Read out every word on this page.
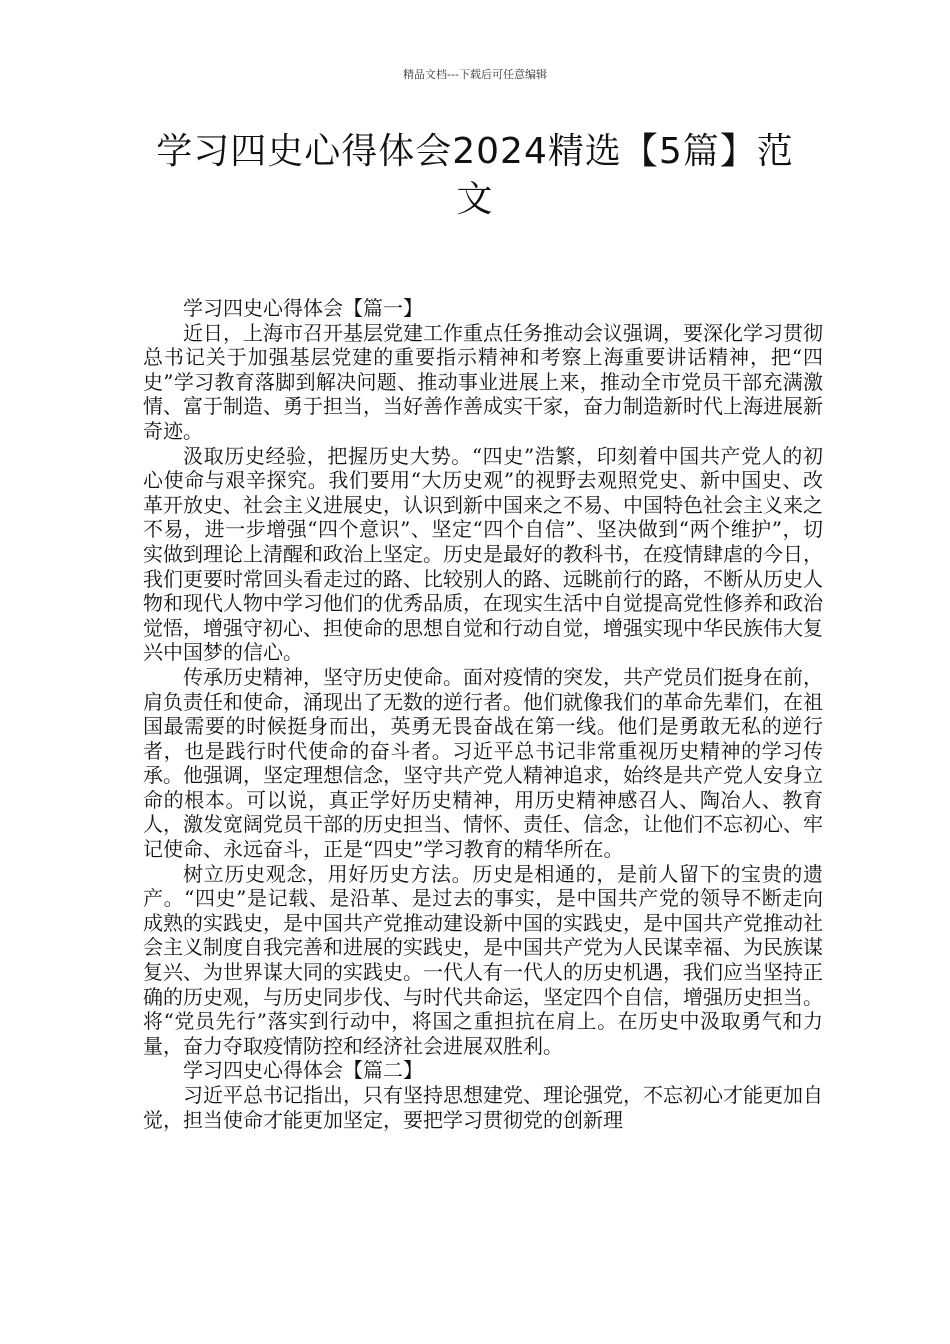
精品文档---下载后可任意编辑
学习四史心得体会2024精选【5篇】范文

学习四史心得体会【篇一】

近日，上海市召开基层党建工作重点任务推动会议强调，要深化学习贯彻总书记关于加强基层党建的重要指示精神和考察上海重要讲话精神，把“四史”学习教育落脚到解决问题、推动事业进展上来，推动全市党员干部充满激情、富于制造、勇于担当，当好善作善成实干家，奋力制造新时代上海进展新奇迹。

汲取历史经验，把握历史大势。“四史”浩繁，印刻着中国共产党人的初心使命与艰辛探究。我们要用“大历史观”的视野去观照党史、新中国史、改革开放史、社会主义进展史，认识到新中国来之不易、中国特色社会主义来之不易，进一步增强“四个意识”、坚定“四个自信”、坚决做到“两个维护”，切实做到理论上清醒和政治上坚定。历史是最好的教科书，在疫情肆虐的今日，我们更要时常回头看走过的路、比较别人的路、远眺前行的路，不断从历史人物和现代人物中学习他们的优秀品质，在现实生活中自觉提高党性修养和政治觉悟，增强守初心、担使命的思想自觉和行动自觉，增强实现中华民族伟大复兴中国梦的信心。

传承历史精神，坚守历史使命。面对疫情的突发，共产党员们挺身在前，肩负责任和使命，涌现出了无数的逆行者。他们就像我们的革命先辈们，在祖国最需要的时候挺身而出，英勇无畏奋战在第一线。他们是勇敢无私的逆行者，也是践行时代使命的奋斗者。习近平总书记非常重视历史精神的学习传承。他强调，坚定理想信念，坚守共产党人精神追求，始终是共产党人安身立命的根本。可以说，真正学好历史精神，用历史精神感召人、陶冶人、教育人，激发宽阔党员干部的历史担当、情怀、责任、信念，让他们不忘初心、牢记使命、永远奋斗，正是“四史”学习教育的精华所在。

树立历史观念，用好历史方法。历史是相通的，是前人留下的宝贵的遗产。“四史”是记载、是沿革、是过去的事实，是中国共产党的领导不断走向成熟的实践史，是中国共产党推动建设新中国的实践史，是中国共产党推动社会主义制度自我完善和进展的实践史，是中国共产党为人民谋幸福、为民族谋复兴、为世界谋大同的实践史。一代人有一代人的历史机遇，我们应当坚持正确的历史观，与历史同步伐、与时代共命运，坚定四个自信，增强历史担当。将“党员先行”落实到行动中，将国之重担抗在肩上。在历史中汲取勇气和力量，奋力夺取疫情防控和经济社会进展双胜利。

学习四史心得体会【篇二】

习近平总书记指出，只有坚持思想建党、理论强党，不忘初心才能更加自觉，担当使命才能更加坚定，要把学习贯彻党的创新理
